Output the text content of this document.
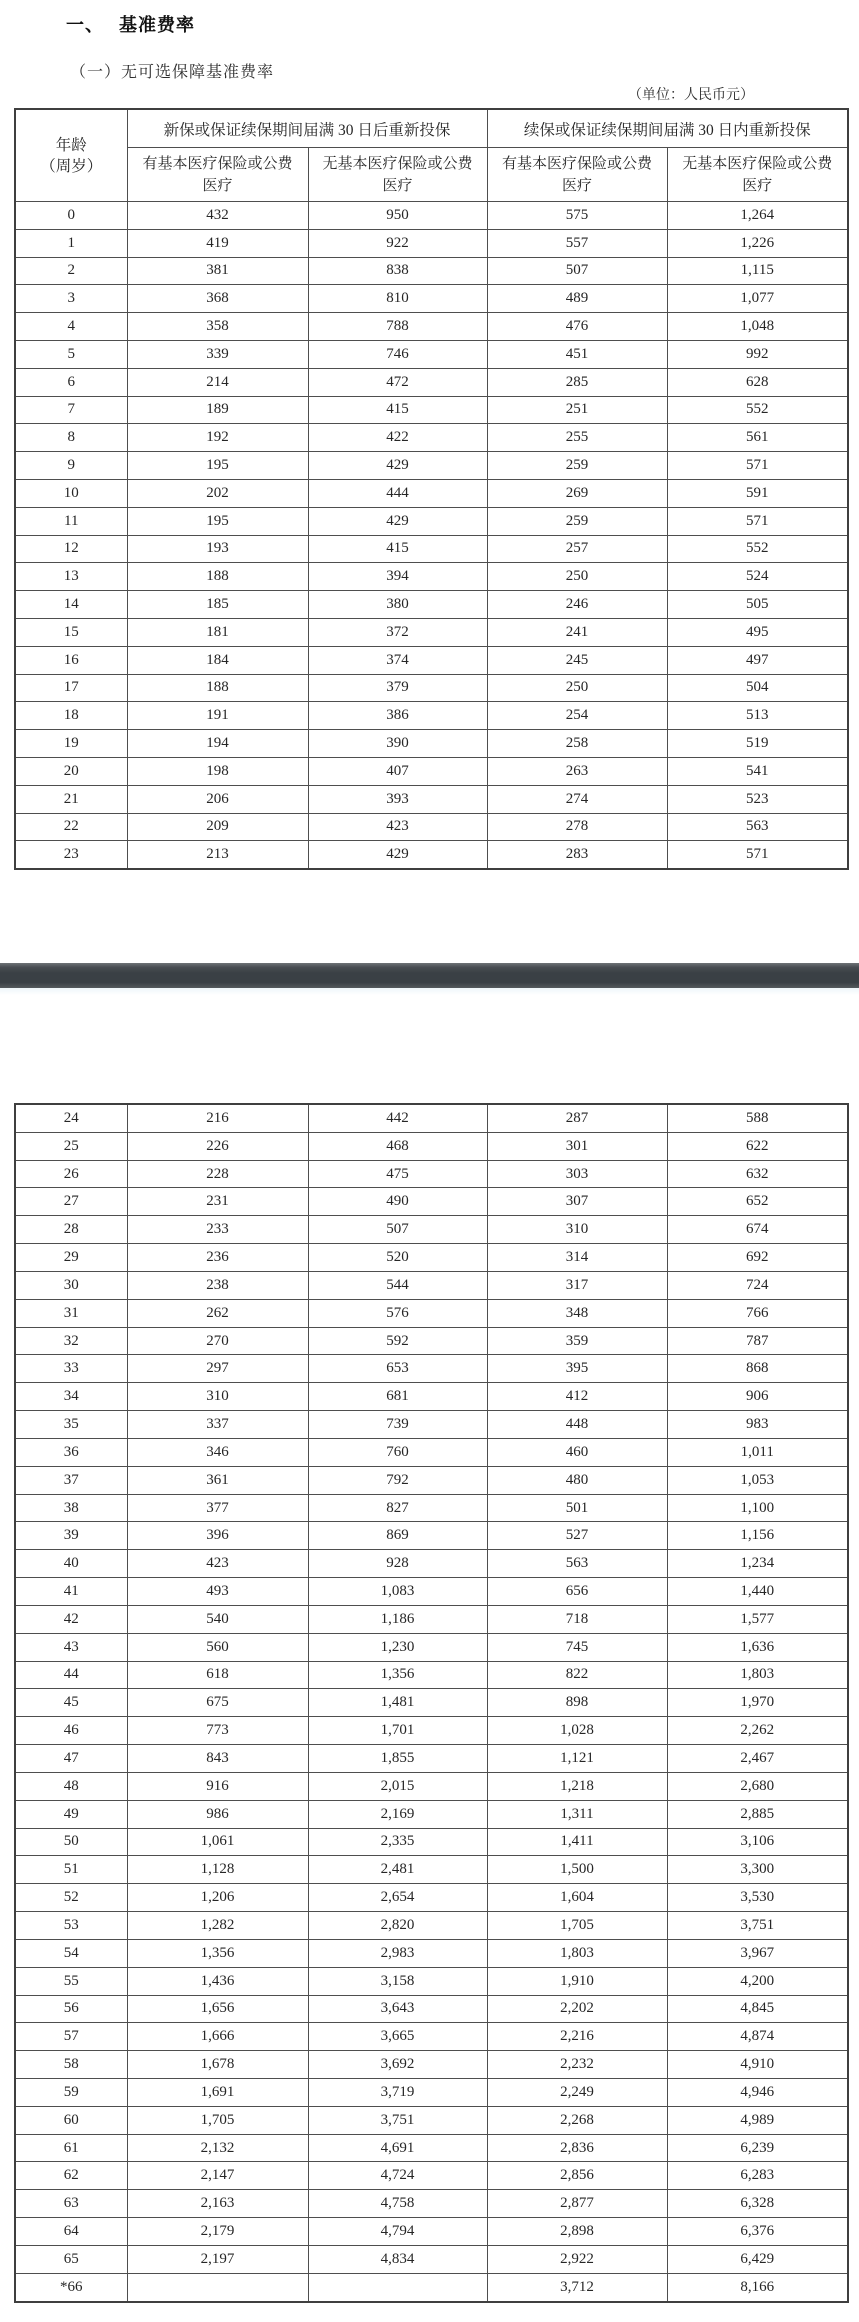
一、 基准费率
（一）无可选保障基准费率
（单位：人民币元）
年龄
（周岁）	新保或保证续保期间届满 30 日后重新投保		续保或保证续保期间届满 30 日内重新投保	
	有基本医疗保险或公费医疗	无基本医疗保险或公费医疗	有基本医疗保险或公费医疗	无基本医疗保险或公费医疗
0	432	950	575	1,264
1	419	922	557	1,226
2	381	838	507	1,115
3	368	810	489	1,077
4	358	788	476	1,048
5	339	746	451	992
6	214	472	285	628
7	189	415	251	552
8	192	422	255	561
9	195	429	259	571
10	202	444	269	591
11	195	429	259	571
12	193	415	257	552
13	188	394	250	524
14	185	380	246	505
15	181	372	241	495
16	184	374	245	497
17	188	379	250	504
18	191	386	254	513
19	194	390	258	519
20	198	407	263	541
21	206	393	274	523
22	209	423	278	563
23	213	429	283	571
24	216	442	287	588
25	226	468	301	622
26	228	475	303	632
27	231	490	307	652
28	233	507	310	674
29	236	520	314	692
30	238	544	317	724
31	262	576	348	766
32	270	592	359	787
33	297	653	395	868
34	310	681	412	906
35	337	739	448	983
36	346	760	460	1,011
37	361	792	480	1,053
38	377	827	501	1,100
39	396	869	527	1,156
40	423	928	563	1,234
41	493	1,083	656	1,440
42	540	1,186	718	1,577
43	560	1,230	745	1,636
44	618	1,356	822	1,803
45	675	1,481	898	1,970
46	773	1,701	1,028	2,262
47	843	1,855	1,121	2,467
48	916	2,015	1,218	2,680
49	986	2,169	1,311	2,885
50	1,061	2,335	1,411	3,106
51	1,128	2,481	1,500	3,300
52	1,206	2,654	1,604	3,530
53	1,282	2,820	1,705	3,751
54	1,356	2,983	1,803	3,967
55	1,436	3,158	1,910	4,200
56	1,656	3,643	2,202	4,845
57	1,666	3,665	2,216	4,874
58	1,678	3,692	2,232	4,910
59	1,691	3,719	2,249	4,946
60	1,705	3,751	2,268	4,989
61	2,132	4,691	2,836	6,239
62	2,147	4,724	2,856	6,283
63	2,163	4,758	2,877	6,328
64	2,179	4,794	2,898	6,376
65	2,197	4,834	2,922	6,429
*66			3,712	8,166
